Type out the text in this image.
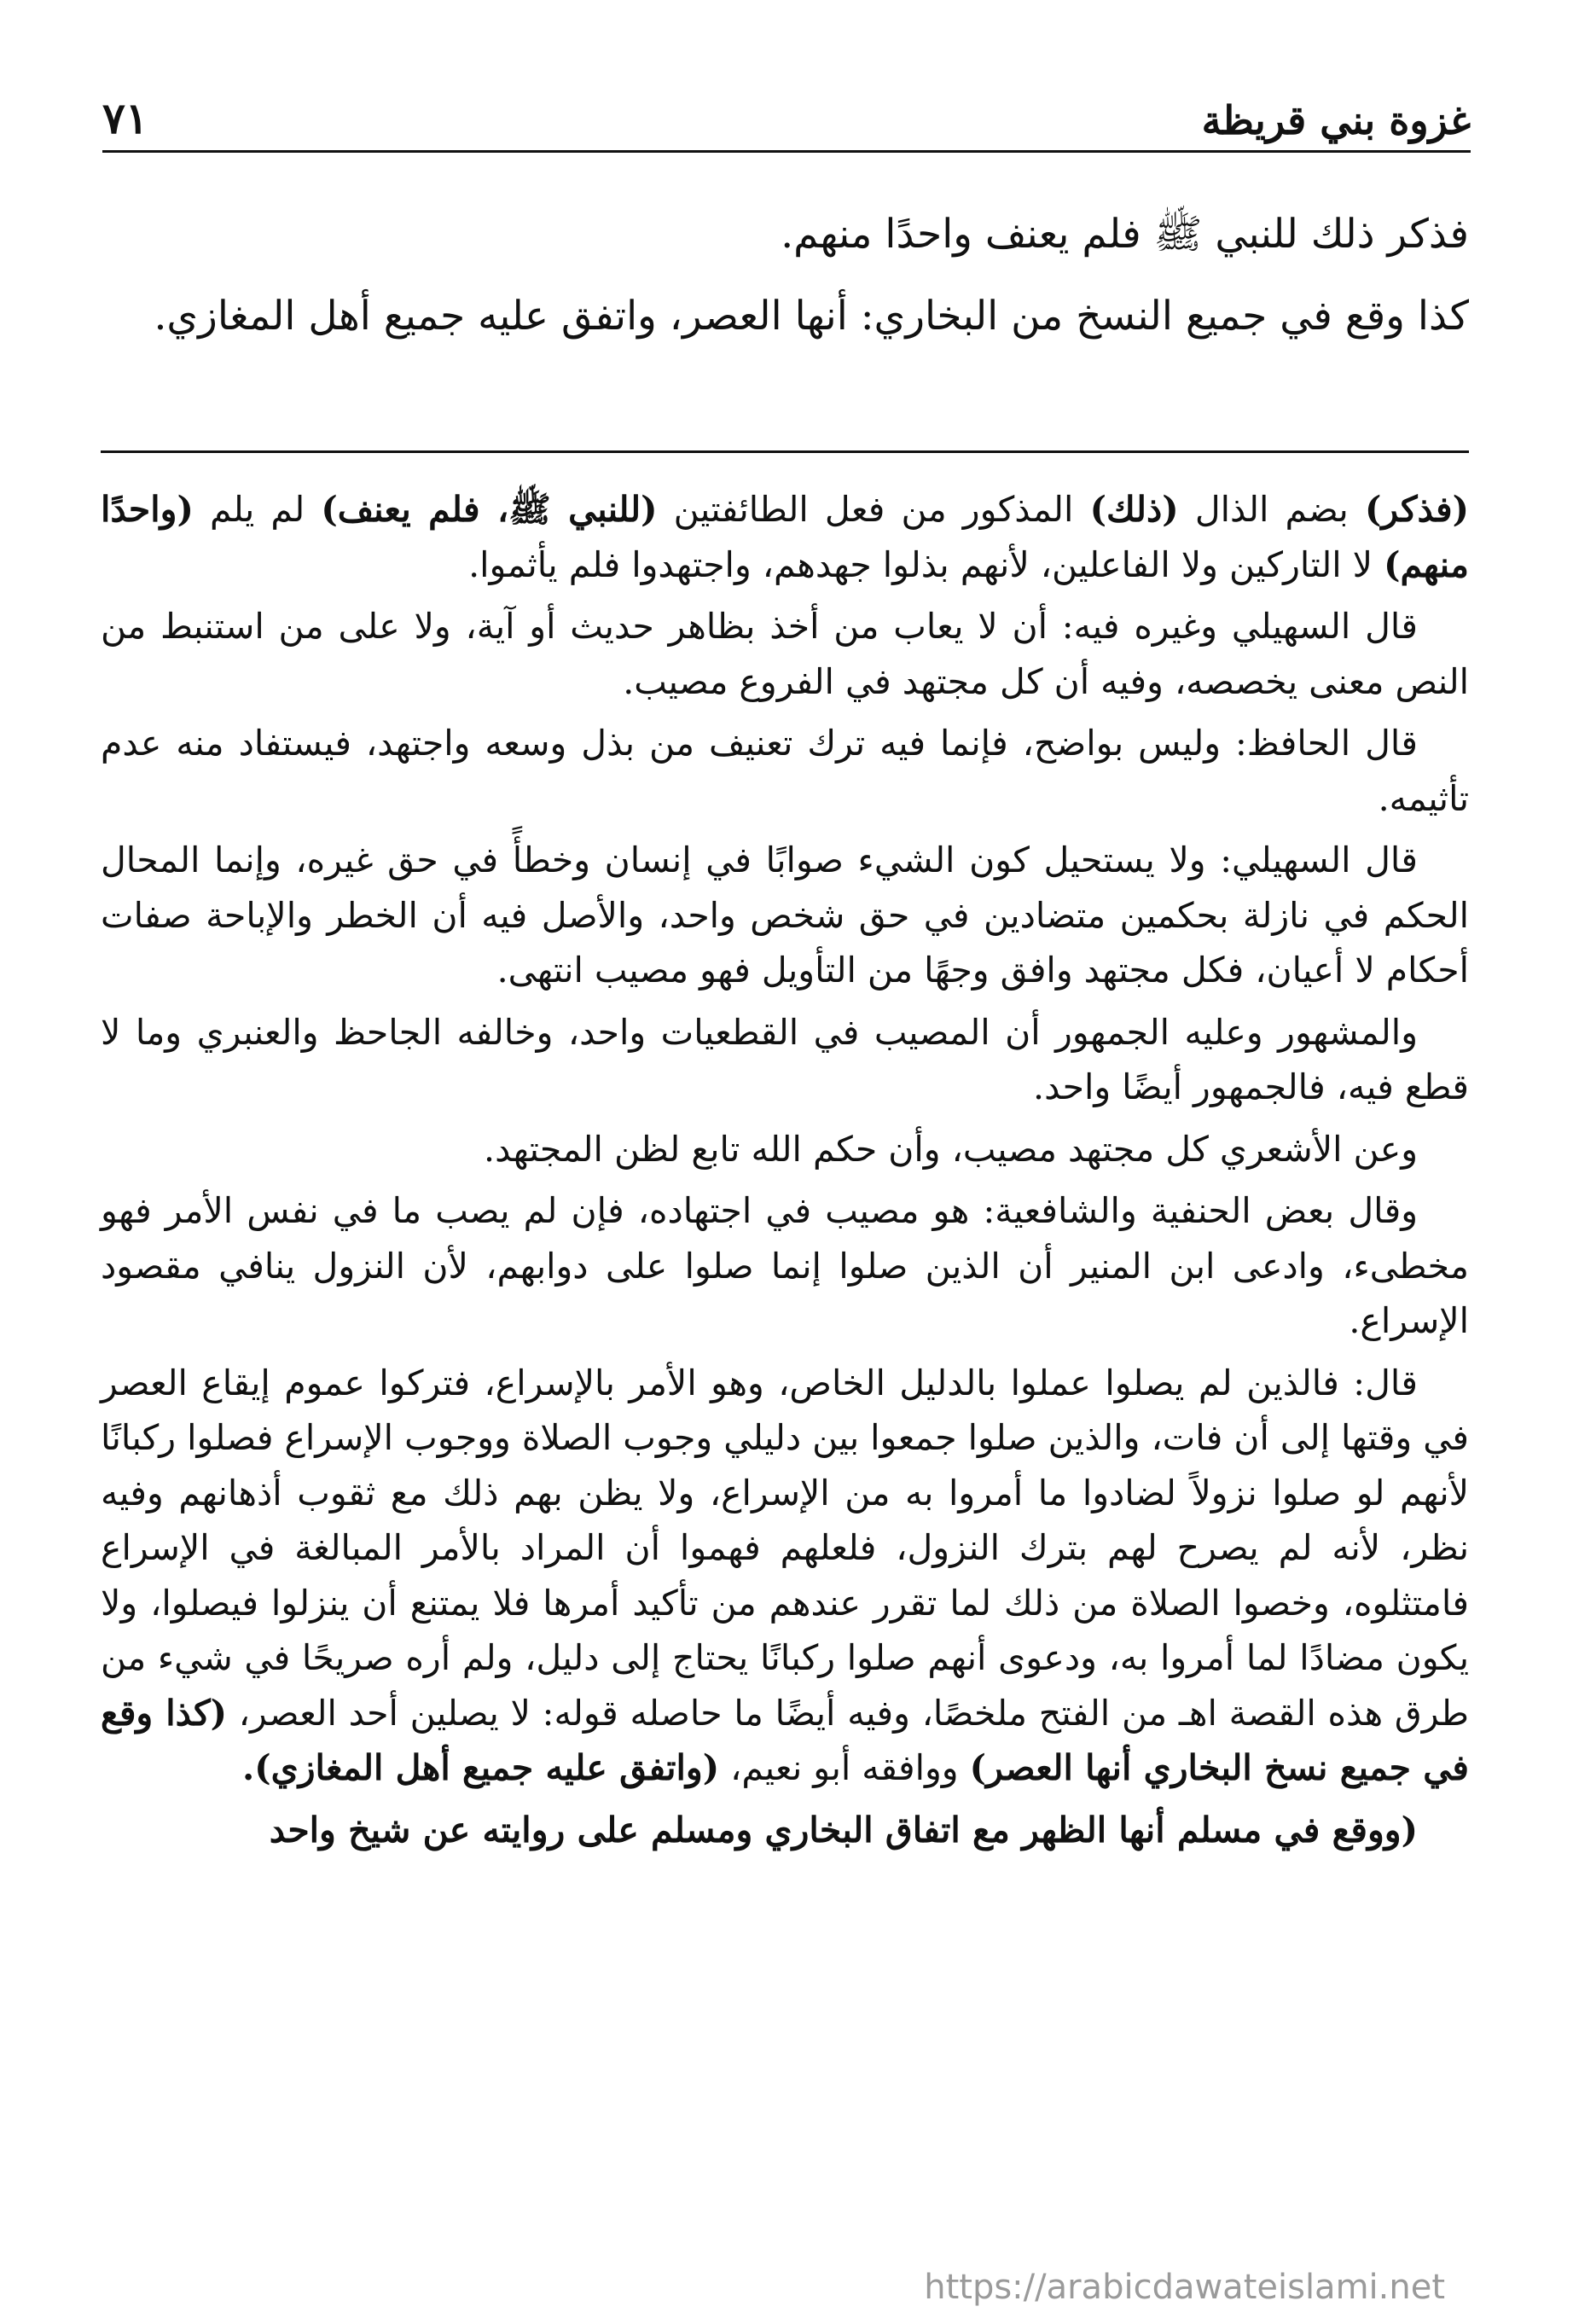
غزوة بني قريظة
٧١

فذكر ذلك للنبي ﷺ فلم يعنف واحدًا منهم.

كذا وقع في جميع النسخ من البخاري: أنها العصر، واتفق عليه جميع أهل المغازي.

(فذكر) بضم الذال (ذلك) المذكور من فعل الطائفتين (للنبي ﷺ، فلم يعنف) لم يلم (واحدًا منهم) لا التاركين ولا الفاعلين، لأنهم بذلوا جهدهم، واجتهدوا فلم يأثموا.

قال السهيلي وغيره فيه: أن لا يعاب من أخذ بظاهر حديث أو آية، ولا على من استنبط من النص معنى يخصصه، وفيه أن كل مجتهد في الفروع مصيب.

قال الحافظ: وليس بواضح، فإنما فيه ترك تعنيف من بذل وسعه واجتهد، فيستفاد منه عدم تأثيمه.

قال السهيلي: ولا يستحيل كون الشيء صوابًا في إنسان وخطأً في حق غيره، وإنما المحال الحكم في نازلة بحكمين متضادين في حق شخص واحد، والأصل فيه أن الخطر والإباحة صفات أحكام لا أعيان، فكل مجتهد وافق وجهًا من التأويل فهو مصيب انتهى.

والمشهور وعليه الجمهور أن المصيب في القطعيات واحد، وخالفه الجاحظ والعنبري وما لا قطع فيه، فالجمهور أيضًا واحد.

وعن الأشعري كل مجتهد مصيب، وأن حكم الله تابع لظن المجتهد.

وقال بعض الحنفية والشافعية: هو مصيب في اجتهاده، فإن لم يصب ما في نفس الأمر فهو مخطىء، وادعى ابن المنير أن الذين صلوا إنما صلوا على دوابهم، لأن النزول ينافي مقصود الإسراع.

قال: فالذين لم يصلوا عملوا بالدليل الخاص، وهو الأمر بالإسراع، فتركوا عموم إيقاع العصر في وقتها إلى أن فات، والذين صلوا جمعوا بين دليلي وجوب الصلاة ووجوب الإسراع فصلوا ركبانًا لأنهم لو صلوا نزولاً لضادوا ما أمروا به من الإسراع، ولا يظن بهم ذلك مع ثقوب أذهانهم وفيه نظر، لأنه لم يصرح لهم بترك النزول، فلعلهم فهموا أن المراد بالأمر المبالغة في الإسراع فامتثلوه، وخصوا الصلاة من ذلك لما تقرر عندهم من تأكيد أمرها فلا يمتنع أن ينزلوا فيصلوا، ولا يكون مضادًا لما أمروا به، ودعوى أنهم صلوا ركبانًا يحتاج إلى دليل، ولم أره صريحًا في شيء من طرق هذه القصة اهـ من الفتح ملخصًا، وفيه أيضًا ما حاصله قوله: لا يصلين أحد العصر، (كذا وقع في جميع نسخ البخاري أنها العصر) ووافقه أبو نعيم، (واتفق عليه جميع أهل المغازي).

(ووقع في مسلم أنها الظهر مع اتفاق البخاري ومسلم على روايته عن شيخ واحد

https://arabicdawateislami.net
